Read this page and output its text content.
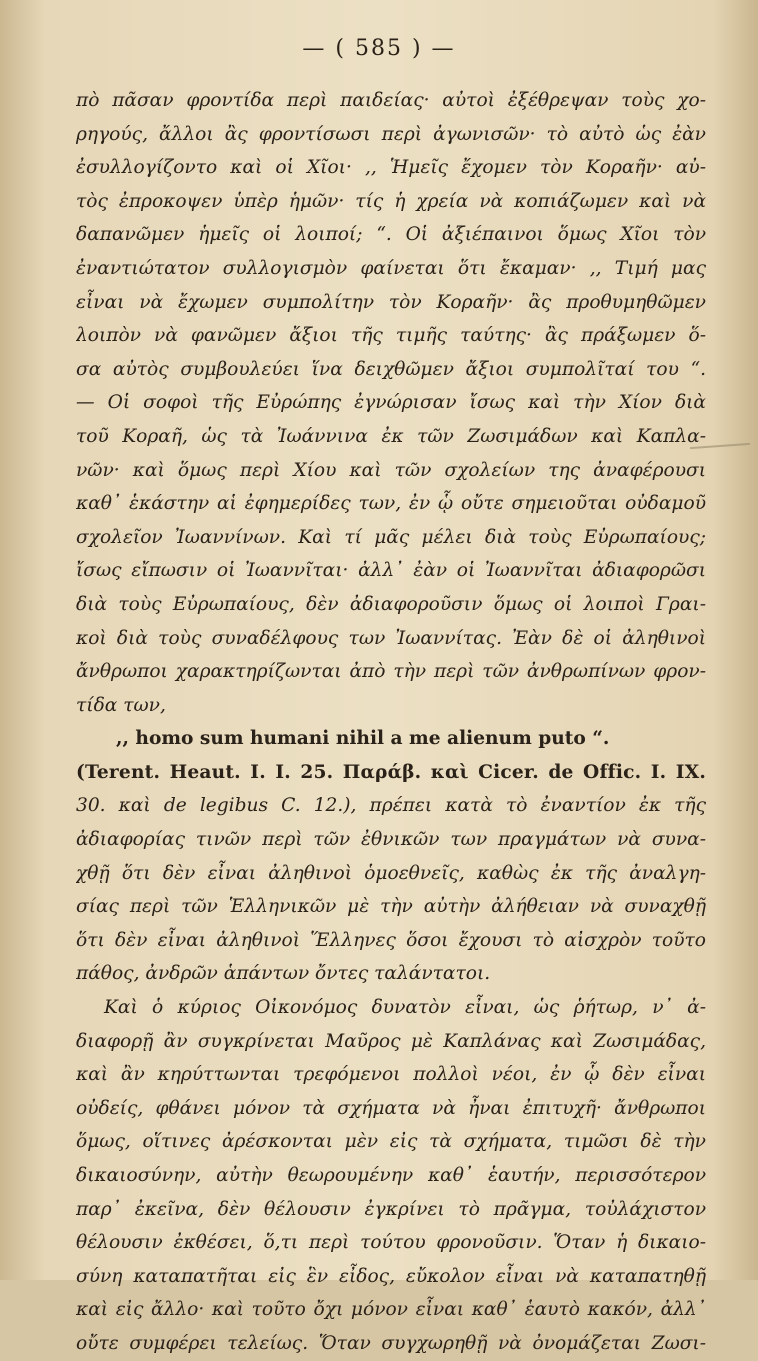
— ( 585 ) —
πὸ πᾶσαν φροντίδα περὶ παιδείας· αὐτοὶ ἐξέθρεψαν τοὺς χο-
ρηγούς, ἄλλοι ἂς φροντίσωσι περὶ ἀγωνισῶν· τὸ αὐτὸ ὡς ἐὰν
ἐσυλλογίζοντο καὶ οἱ Χῖοι· ,, Ἡμεῖς ἔχομεν τὸν Κοραῆν· αὐ-
τὸς ἐπροκοψεν ὑπὲρ ἡμῶν· τίς ἡ χρεία νὰ κοπιάζωμεν καὶ νὰ
δαπανῶμεν ἡμεῖς οἱ λοιποί; “. Οἱ ἀξιέπαινοι ὅμως Χῖοι τὸν
ἐναντιώτατον συλλογισμὸν φαίνεται ὅτι ἔκαμαν· ,, Τιμή μας
εἶναι νὰ ἔχωμεν συμπολίτην τὸν Κοραῆν· ἂς προθυμηθῶμεν
λοιπὸν νὰ φανῶμεν ἄξιοι τῆς τιμῆς ταύτης· ἂς πράξωμεν ὅ-
σα αὐτὸς συμβουλεύει ἵνα δειχθῶμεν ἄξιοι συμπολῖταί του “.
— Οἱ σοφοὶ τῆς Εὐρώπης ἐγνώρισαν ἴσως καὶ τὴν Χίον διὰ
τοῦ Κοραῆ, ὡς τὰ Ἰωάννινα ἐκ τῶν Ζωσιμάδων καὶ Καπλα-
νῶν· καὶ ὅμως περὶ Χίου καὶ τῶν σχολείων της ἀναφέρουσι
καθ᾿ ἑκάστην αἱ ἐφημερίδες των, ἐν ᾧ οὔτε σημειοῦται οὐδαμοῦ
σχολεῖον Ἰωαννίνων. Καὶ τί μᾶς μέλει διὰ τοὺς Εὐρωπαίους;
ἴσως εἴπωσιν οἱ Ἰωαννῖται· ἀλλ᾿ ἐὰν οἱ Ἰωαννῖται ἀδιαφορῶσι
διὰ τοὺς Εὐρωπαίους, δὲν ἀδιαφοροῦσιν ὅμως οἱ λοιποὶ Γραι-
κοὶ διὰ τοὺς συναδέλφους των Ἰωαννίτας. Ἐὰν δὲ οἱ ἀληθινοὶ
ἄνθρωποι χαρακτηρίζωνται ἀπὸ τὴν περὶ τῶν ἀνθρωπίνων φρον-
τίδα των,
,, homo sum humani nihil a me alienum puto “.
(Terent. Heaut. I. I. 25. Παράβ. καὶ Cicer. de Offic. I. IX.
30. καὶ de legibus C. 12.), πρέπει κατὰ τὸ ἐναντίον ἐκ τῆς
ἀδιαφορίας τινῶν περὶ τῶν ἐθνικῶν των πραγμάτων νὰ συνα-
χθῇ ὅτι δὲν εἶναι ἀληθινοὶ ὁμοεθνεῖς, καθὼς ἐκ τῆς ἀναλγη-
σίας περὶ τῶν Ἑλληνικῶν μὲ τὴν αὐτὴν ἀλήθειαν νὰ συναχθῇ
ὅτι δὲν εἶναι ἀληθινοὶ Ἕλληνες ὅσοι ἔχουσι τὸ αἰσχρὸν τοῦτο
πάθος, ἀνδρῶν ἁπάντων ὄντες ταλάντατοι.
Καὶ ὁ κύριος Οἰκονόμος δυνατὸν εἶναι, ὡς ῥήτωρ, ν᾿ ἀ-
διαφορῇ ἂν συγκρίνεται Μαῦρος μὲ Καπλάνας καὶ Ζωσιμάδας,
καὶ ἂν κηρύττωνται τρεφόμενοι πολλοὶ νέοι, ἐν ᾧ δὲν εἶναι
οὐδείς, φθάνει μόνον τὰ σχήματα νὰ ἦναι ἐπιτυχῆ· ἄνθρωποι
ὅμως, οἵτινες ἀρέσκονται μὲν εἰς τὰ σχήματα, τιμῶσι δὲ τὴν
δικαιοσύνην, αὐτὴν θεωρουμένην καθ᾿ ἑαυτήν, περισσότερον
παρ᾿ ἐκεῖνα, δὲν θέλουσιν ἐγκρίνει τὸ πρᾶγμα, τοὐλάχιστον
θέλουσιν ἐκθέσει, ὅ,τι περὶ τούτου φρονοῦσιν. Ὅταν ἡ δικαιο-
σύνη καταπατῆται εἰς ἓν εἶδος, εὔκολον εἶναι νὰ καταπατηθῇ
καὶ εἰς ἄλλο· καὶ τοῦτο ὄχι μόνον εἶναι καθ᾿ ἑαυτὸ κακόν, ἀλλ᾿
οὔτε συμφέρει τελείως. Ὅταν συγχωρηθῇ νὰ ὀνομάζεται Ζωσι-
